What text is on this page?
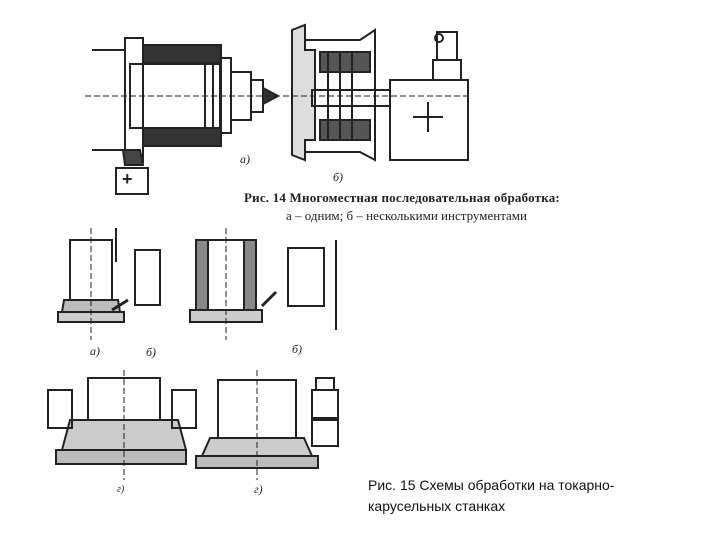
а)
б)
+
Рис. 14 Многоместная последовательная обработка:
а – одним; б – несколькими инструментами
а)	б)	б)
г)	г)	Рис. 15 Схемы обработки на токарно-
карусельных станках
